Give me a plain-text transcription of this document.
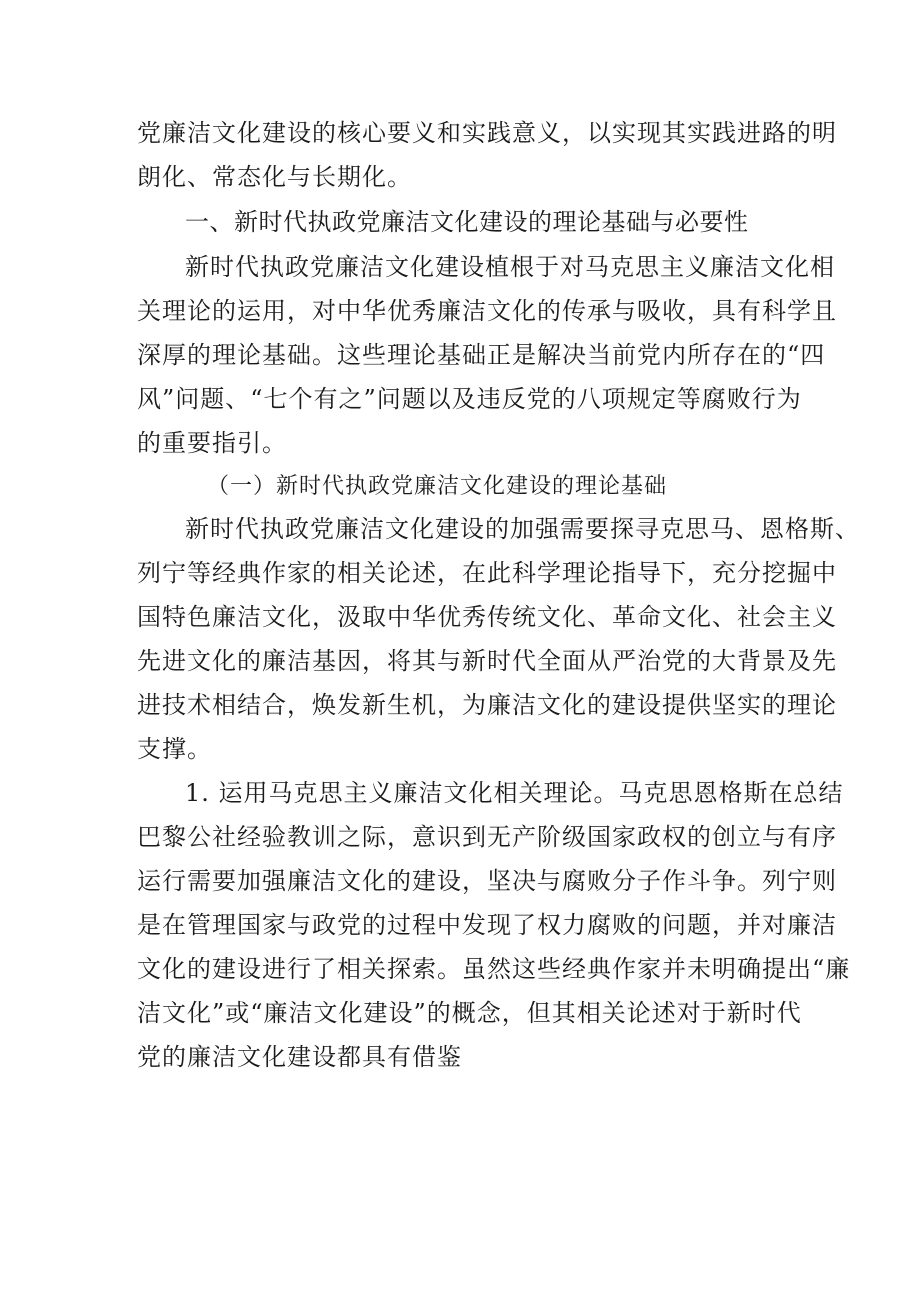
党廉洁文化建设的核心要义和实践意义，以实现其实践进路的明
朗化、常态化与长期化。
一、新时代执政党廉洁文化建设的理论基础与必要性
新时代执政党廉洁文化建设植根于对马克思主义廉洁文化相
关理论的运用，对中华优秀廉洁文化的传承与吸收，具有科学且
深厚的理论基础。这些理论基础正是解决当前党内所存在的“四
风”问题、“七个有之”问题以及违反党的八项规定等腐败行为
的重要指引。
（一）新时代执政党廉洁文化建设的理论基础
新时代执政党廉洁文化建设的加强需要探寻克思马、恩格斯、
列宁等经典作家的相关论述，在此科学理论指导下，充分挖掘中
国特色廉洁文化，汲取中华优秀传统文化、革命文化、社会主义
先进文化的廉洁基因，将其与新时代全面从严治党的大背景及先
进技术相结合，焕发新生机，为廉洁文化的建设提供坚实的理论
支撑。
1. 运用马克思主义廉洁文化相关理论。马克思恩格斯在总结
巴黎公社经验教训之际，意识到无产阶级国家政权的创立与有序
运行需要加强廉洁文化的建设，坚决与腐败分子作斗争。列宁则
是在管理国家与政党的过程中发现了权力腐败的问题，并对廉洁
文化的建设进行了相关探索。虽然这些经典作家并未明确提出“廉
洁文化”或“廉洁文化建设”的概念，但其相关论述对于新时代
党的廉洁文化建设都具有借鉴
